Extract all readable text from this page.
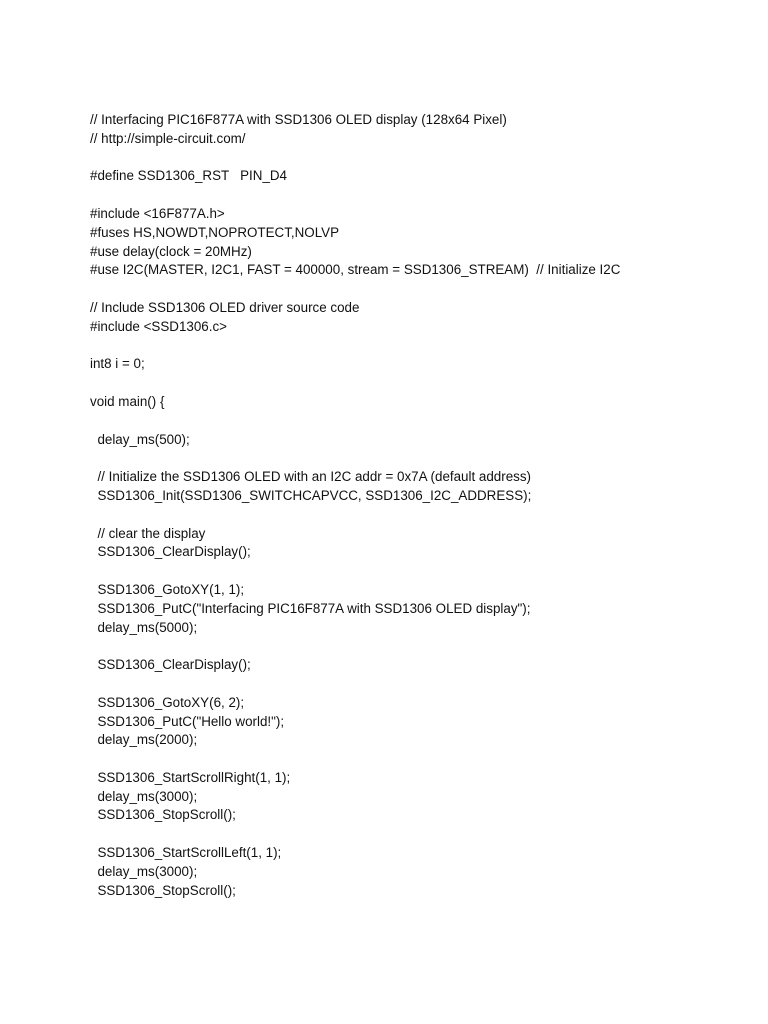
// Interfacing PIC16F877A with SSD1306 OLED display (128x64 Pixel)
// http://simple-circuit.com/
#define SSD1306_RST   PIN_D4
#include <16F877A.h>
#fuses HS,NOWDT,NOPROTECT,NOLVP
#use delay(clock = 20MHz)
#use I2C(MASTER, I2C1, FAST = 400000, stream = SSD1306_STREAM)  // Initialize I2C
// Include SSD1306 OLED driver source code
#include <SSD1306.c>
int8 i = 0;
void main() {
delay_ms(500);
// Initialize the SSD1306 OLED with an I2C addr = 0x7A (default address)
SSD1306_Init(SSD1306_SWITCHCAPVCC, SSD1306_I2C_ADDRESS);
// clear the display
SSD1306_ClearDisplay();
SSD1306_GotoXY(1, 1);
SSD1306_PutC("Interfacing PIC16F877A with SSD1306 OLED display");
delay_ms(5000);
SSD1306_ClearDisplay();
SSD1306_GotoXY(6, 2);
SSD1306_PutC("Hello world!");
delay_ms(2000);
SSD1306_StartScrollRight(1, 1);
delay_ms(3000);
SSD1306_StopScroll();
SSD1306_StartScrollLeft(1, 1);
delay_ms(3000);
SSD1306_StopScroll();
